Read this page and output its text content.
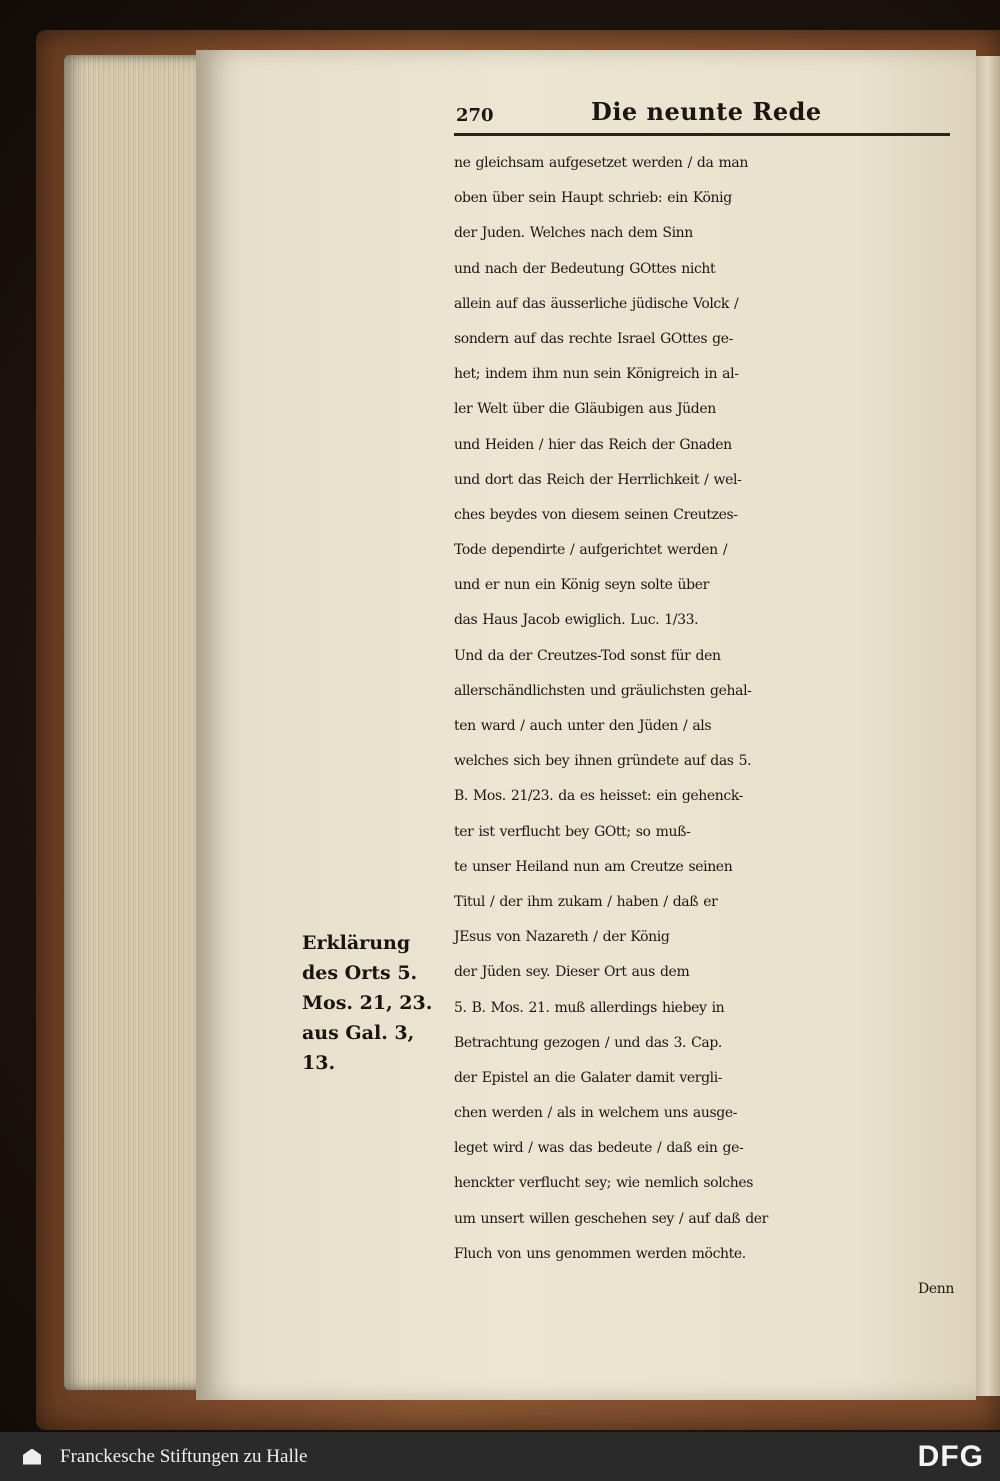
270	Die neunte Rede
ne gleichsam aufgesetzet werden / da man
oben über sein Haupt schrieb: ein König
der Juden. Welches nach dem Sinn
und nach der Bedeutung GOttes nicht
allein auf das äusserliche jüdische Volck /
sondern auf das rechte Israel GOttes ge-
het; indem ihm nun sein Königreich in al-
ler Welt über die Gläubigen aus Jüden
und Heiden / hier das Reich der Gnaden
und dort das Reich der Herrlichkeit / wel-
ches beydes von diesem seinen Creutzes-
Tode dependirte / aufgerichtet werden /
und er nun ein König seyn solte über
das Haus Jacob ewiglich. Luc. 1/33.
Und da der Creutzes-Tod sonst für den
allerschändlichsten und gräulichsten gehal-
ten ward / auch unter den Jüden / als
welches sich bey ihnen gründete auf das 5.
B. Mos. 21/23. da es heisset: ein gehenck-
ter ist verflucht bey GOtt; so muß-
te unser Heiland nun am Creutze seinen
Titul / der ihm zukam / haben / daß er
JEsus von Nazareth / der König
der Jüden sey. Dieser Ort aus dem
5. B. Mos. 21. muß allerdings hiebey in
Betrachtung gezogen / und das 3. Cap.
der Epistel an die Galater damit vergli-
chen werden / als in welchem uns ausge-
leget wird / was das bedeute / daß ein ge-
henckter verflucht sey; wie nemlich solches
um unsert willen geschehen sey / auf daß der
Fluch von uns genommen werden möchte.
Denn
Erklärung
des Orts 5.
Mos. 21, 23.
aus Gal. 3, 13.
Franckesche Stiftungen zu Halle	DFG
